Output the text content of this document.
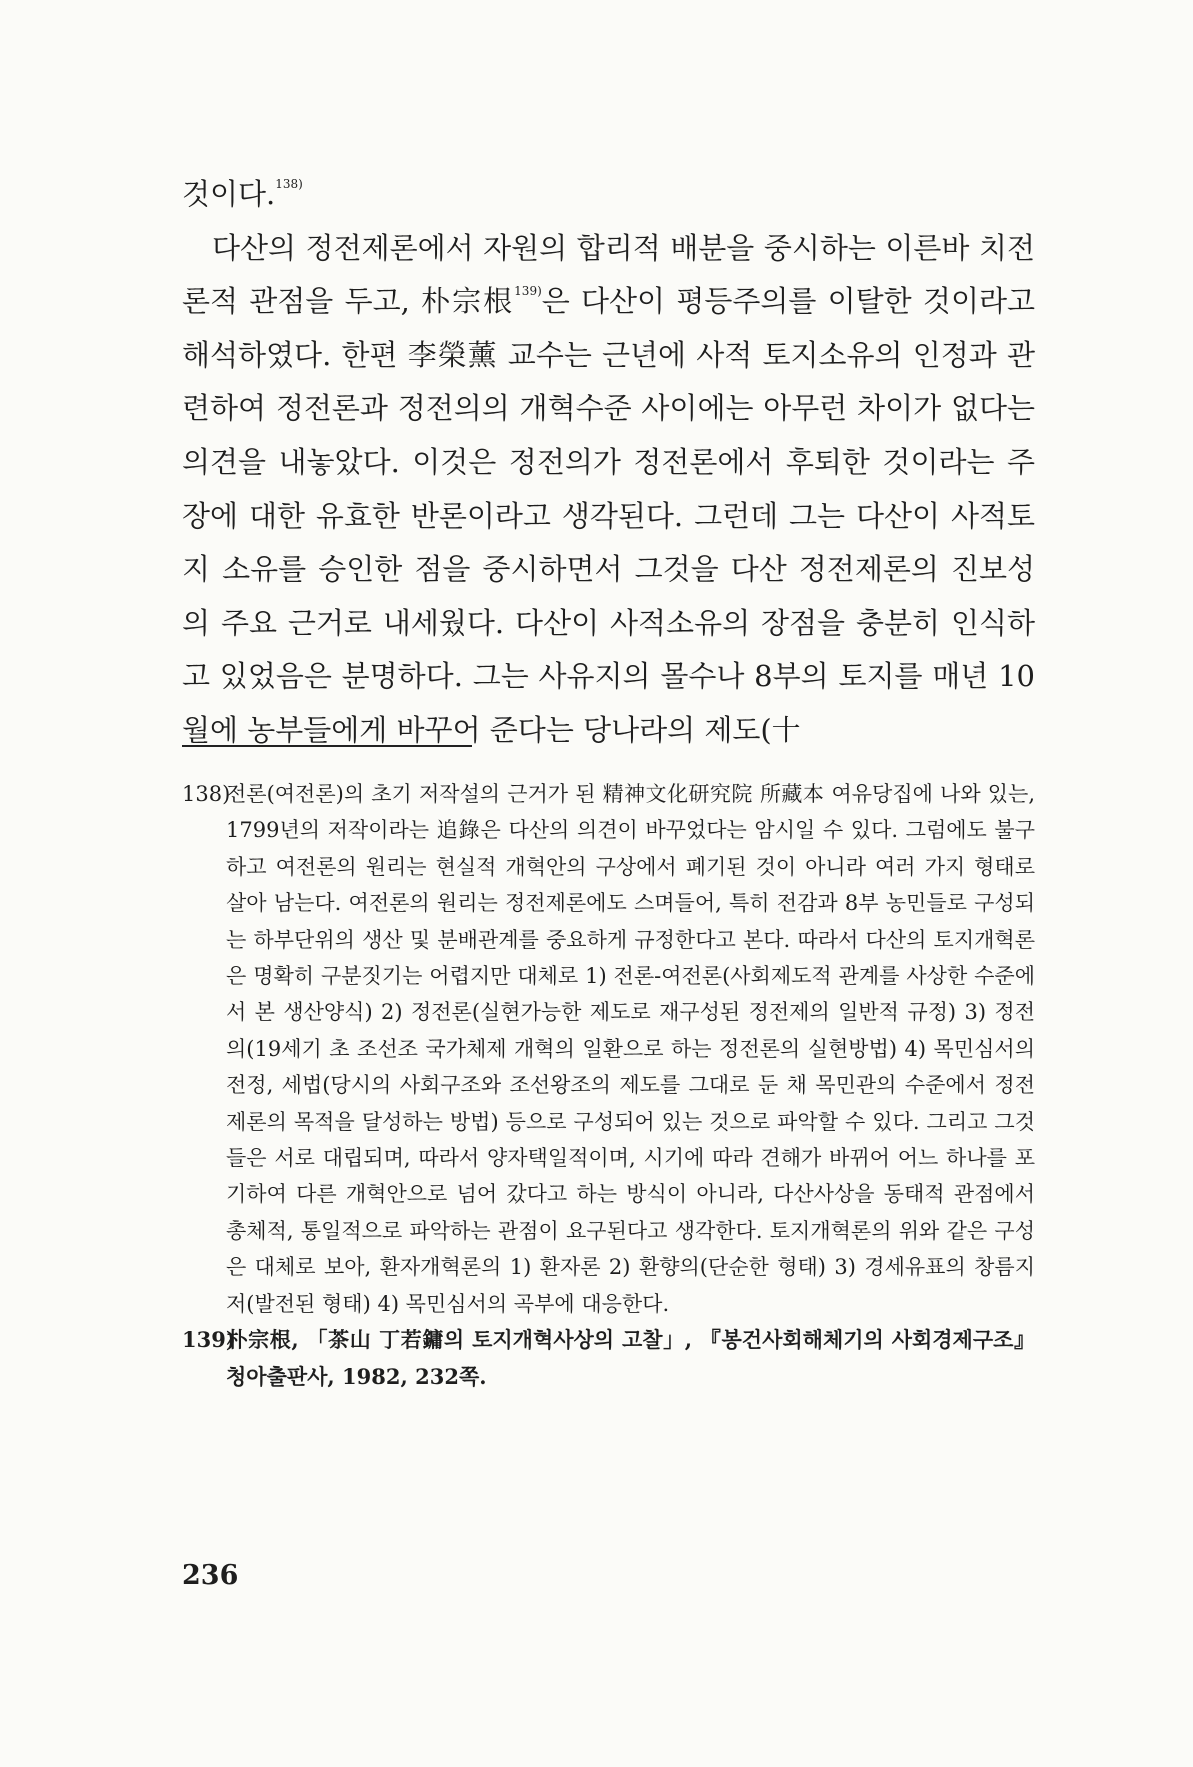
것이다.$^{138)}$

다산의 정전제론에서 자원의 합리적 배분을 중시하는 이른바 치전론적 관점을 두고, 朴宗根$^{139)}$은 다산이 평등주의를 이탈한 것이라고 해석하였다. 한편 李榮薰 교수는 근년에 사적 토지소유의 인정과 관련하여 정전론과 정전의의 개혁수준 사이에는 아무런 차이가 없다는 의견을 내놓았다. 이것은 정전의가 정전론에서 후퇴한 것이라는 주장에 대한 유효한 반론이라고 생각된다. 그런데 그는 다산이 사적토지 소유를 승인한 점을 중시하면서 그것을 다산 정전제론의 진보성의 주요 근거로 내세웠다. 다산이 사적소유의 장점을 충분히 인식하고 있었음은 분명하다. 그는 사유지의 몰수나 8부의 토지를 매년 10월에 농부들에게 바꾸어 준다는 당나라의 제도(十

138)전론(여전론)의 초기 저작설의 근거가 된 精神文化研究院 所藏本 여유당집에 나와 있는, 1799년의 저작이라는 追錄은 다산의 의견이 바꾸었다는 암시일 수 있다. 그럼에도 불구하고 여전론의 원리는 현실적 개혁안의 구상에서 폐기된 것이 아니라 여러 가지 형태로 살아 남는다. 여전론의 원리는 정전제론에도 스며들어, 특히 전감과 8부 농민들로 구성되는 하부단위의 생산 및 분배관계를 중요하게 규정한다고 본다. 따라서 다산의 토지개혁론은 명확히 구분짓기는 어렵지만 대체로 1) 전론-여전론(사회제도적 관계를 사상한 수준에서 본 생산양식) 2) 정전론(실현가능한 제도로 재구성된 정전제의 일반적 규정) 3) 정전의(19세기 초 조선조 국가체제 개혁의 일환으로 하는 정전론의 실현방법) 4) 목민심서의 전정, 세법(당시의 사회구조와 조선왕조의 제도를 그대로 둔 채 목민관의 수준에서 정전제론의 목적을 달성하는 방법) 등으로 구성되어 있는 것으로 파악할 수 있다. 그리고 그것들은 서로 대립되며, 따라서 양자택일적이며, 시기에 따라 견해가 바뀌어 어느 하나를 포기하여 다른 개혁안으로 넘어 갔다고 하는 방식이 아니라, 다산사상을 동태적 관점에서 총체적, 통일적으로 파악하는 관점이 요구된다고 생각한다. 토지개혁론의 위와 같은 구성은 대체로 보아, 환자개혁론의 1) 환자론 2) 환향의(단순한 형태) 3) 경세유표의 창름지저(발전된 형태) 4) 목민심서의 곡부에 대응한다.

139)朴宗根, 「茶山 丁若鏞의 토지개혁사상의 고찰」, 『봉건사회해체기의 사회경제구조』 청아출판사, 1982, 232쪽.

236
